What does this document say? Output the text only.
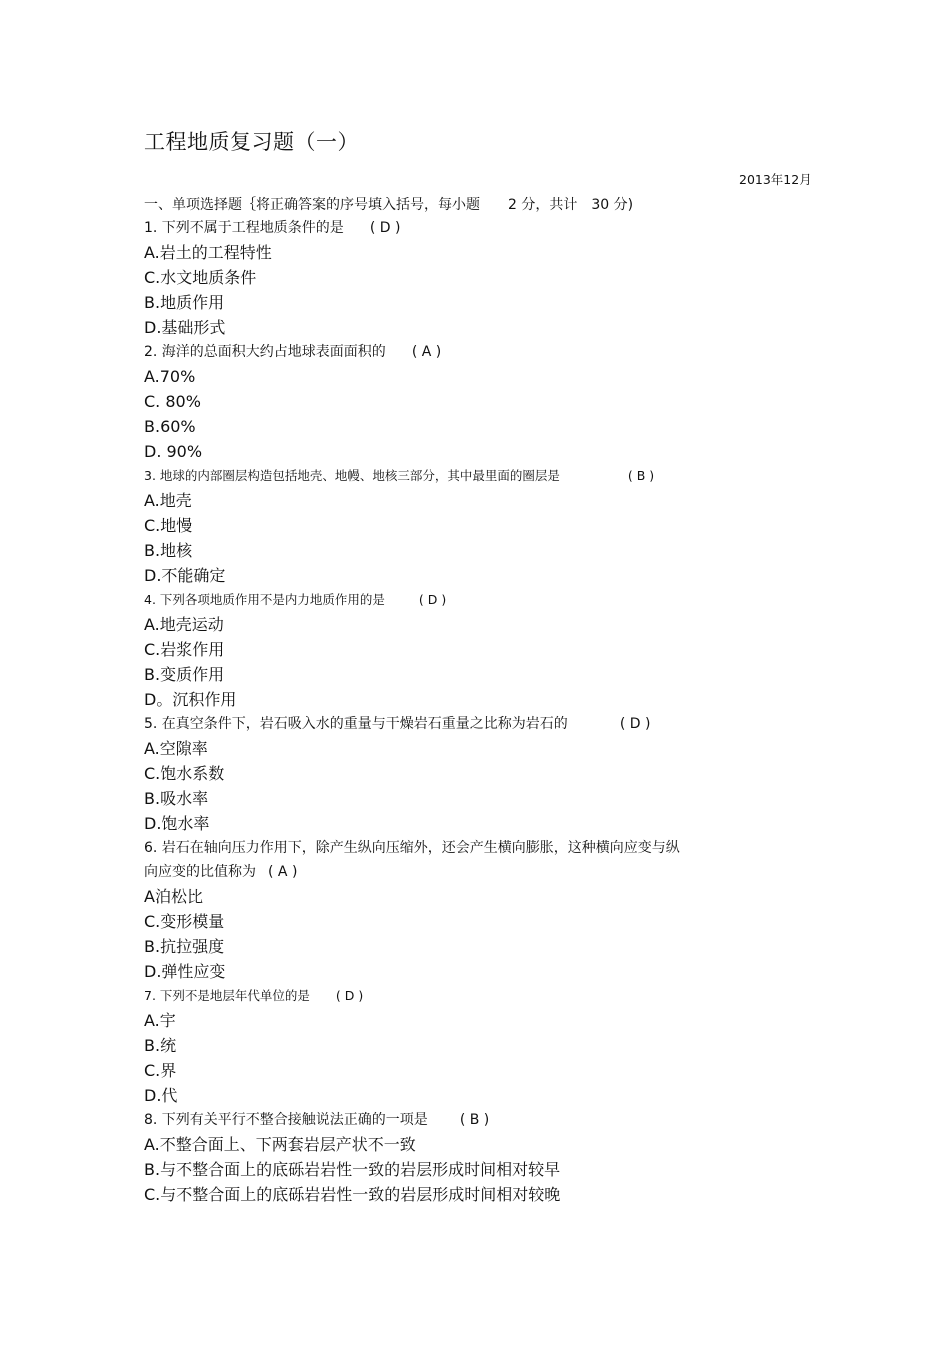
工程地质复习题（一）
2013年12月
一、单项选择题｛将正确答案的序号填入括号，每小题　　2 分，共计　30 分)
1. 下列不属于工程地质条件的是 ( D )
A.岩土的工程特性
C.水文地质条件
B.地质作用
D.基础形式
2. 海洋的总面积大约占地球表面面积的 ( A )
A.70%
C. 80%
B.60%
D. 90%
3. 地球的内部圈层构造包括地壳、地幔、地核三部分，其中最里面的圈层是	( B )
A.地壳
C.地慢
B.地核
D.不能确定
4. 下列各项地质作用不是内力地质作用的是	( D )
A.地壳运动
C.岩浆作用
B.变质作用
D。沉积作用
5. 在真空条件下，岩石吸入水的重量与干燥岩石重量之比称为岩石的	( D )
A.空隙率
C.饱水系数
B.吸水率
D.饱水率
6. 岩石在轴向压力作用下，除产生纵向压缩外，还会产生横向膨胀，这种横向应变与纵
向应变的比值称为 ( A )
A泊松比
C.变形模量
B.抗拉强度
D.弹性应变
7. 下列不是地层年代单位的是 ( D )
A.宇
B.统
C.界
D.代
8. 下列有关平行不整合接触说法正确的一项是 ( B )
A.不整合面上、下两套岩层产状不一致
B.与不整合面上的底砾岩岩性一致的岩层形成时间相对较早
C.与不整合面上的底砾岩岩性一致的岩层形成时间相对较晚
